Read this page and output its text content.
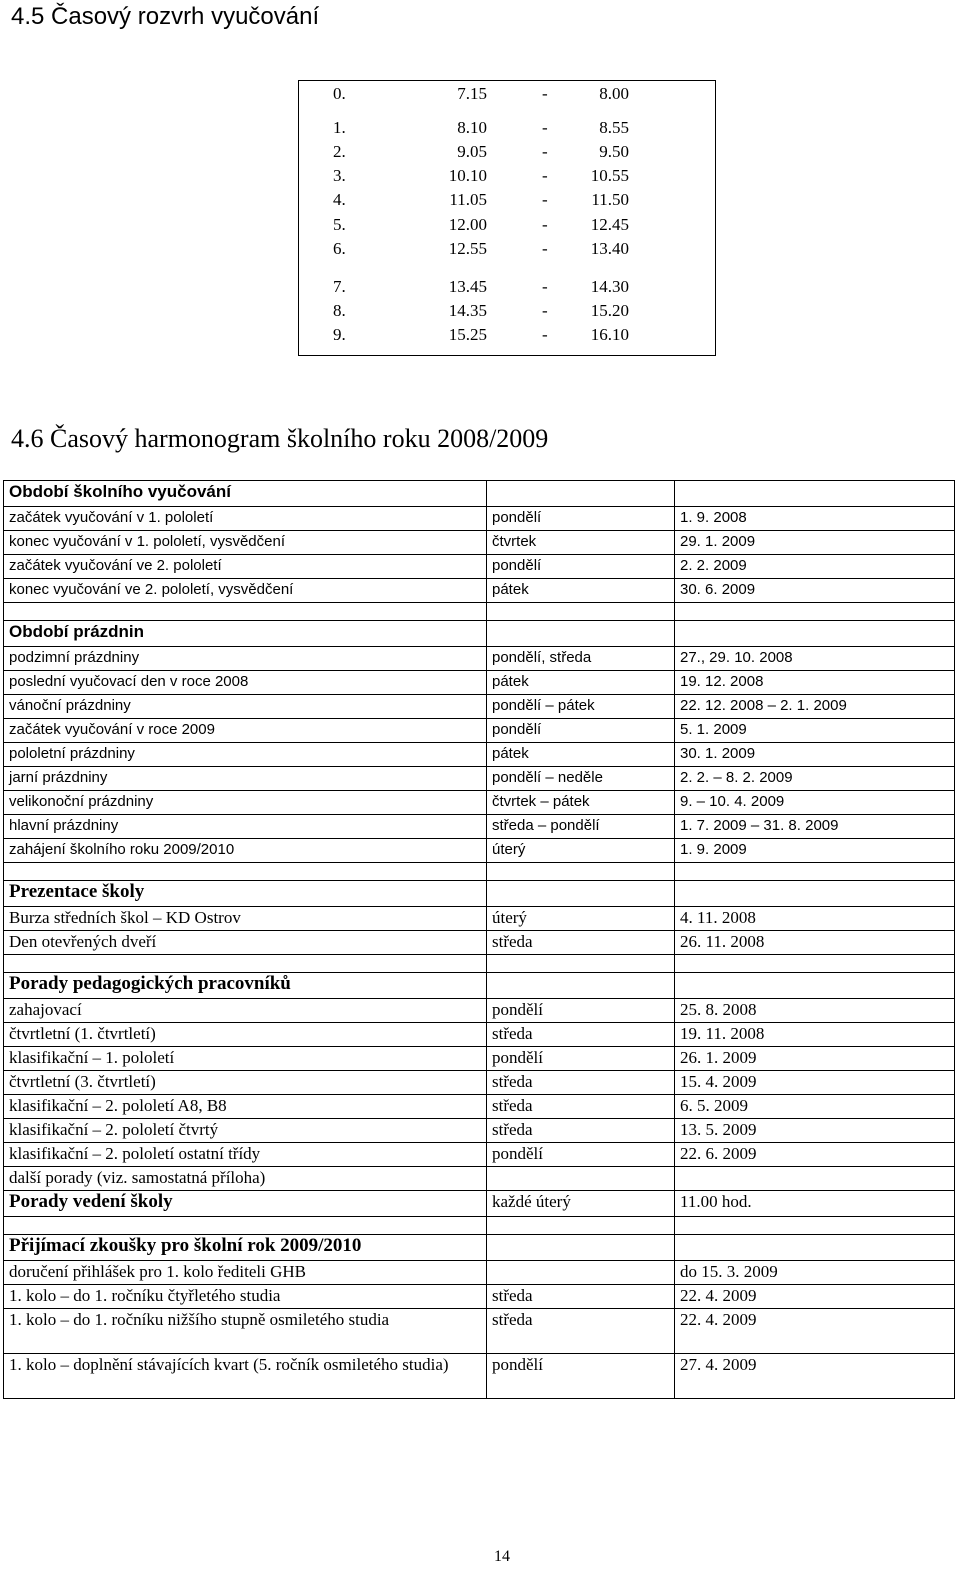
4.5 Časový rozvrh vyučování
0.	7.15	-	8.00
1.	8.10	-	8.55
2.	9.05	-	9.50
3.	10.10	-	10.55
4.	11.05	-	11.50
5.	12.00	-	12.45
6.	12.55	-	13.40
7.	13.45	-	14.30
8.	14.35	-	15.20
9.	15.25	-	16.10
4.6 Časový harmonogram školního roku 2008/2009
Období školního vyučování		
začátek vyučování v 1. pololetí	pondělí	1. 9. 2008
konec vyučování v 1. pololetí, vysvědčení	čtvrtek	29. 1. 2009
začátek vyučování ve 2. pololetí	pondělí	2. 2. 2009
konec vyučování ve 2. pololetí, vysvědčení	pátek	30. 6. 2009

Období prázdnin		
podzimní prázdniny	pondělí, středa	27., 29. 10. 2008
poslední vyučovací den v roce 2008	pátek	19. 12. 2008
vánoční prázdniny	pondělí – pátek	22. 12. 2008 – 2. 1. 2009
začátek vyučování v roce 2009	pondělí	5. 1. 2009
pololetní prázdniny	pátek	30. 1. 2009
jarní prázdniny	pondělí – neděle	2. 2. – 8. 2. 2009
velikonoční prázdniny	čtvrtek – pátek	9. – 10. 4. 2009
hlavní prázdniny	středa – pondělí	1. 7. 2009 – 31. 8. 2009
zahájení školního roku 2009/2010	úterý	1. 9. 2009

Prezentace školy		
Burza středních škol – KD Ostrov	úterý	4. 11. 2008
Den otevřených dveří	středa	26. 11. 2008

Porady pedagogických pracovníků		
zahajovací	pondělí	25. 8. 2008
čtvrtletní (1. čtvrtletí)	středa	19. 11. 2008
klasifikační – 1. pololetí	pondělí	26. 1. 2009
čtvrtletní (3. čtvrtletí)	středa	15. 4. 2009
klasifikační – 2. pololetí A8, B8	středa	6. 5. 2009
klasifikační – 2. pololetí čtvrtý	středa	13. 5. 2009
klasifikační – 2. pololetí ostatní třídy	pondělí	22. 6. 2009
další porady (viz. samostatná příloha)		
Porady vedení školy	každé úterý	11.00 hod.

Přijímací zkoušky pro školní rok 2009/2010		
doručení přihlášek pro 1. kolo řediteli GHB		do 15. 3. 2009
1. kolo – do 1. ročníku čtyřletého studia	středa	22. 4. 2009
1. kolo – do 1. ročníku nižšího stupně osmiletého studia	středa	22. 4. 2009
1. kolo – doplnění stávajících kvart (5. ročník osmiletého studia)	pondělí	27. 4. 2009
14
